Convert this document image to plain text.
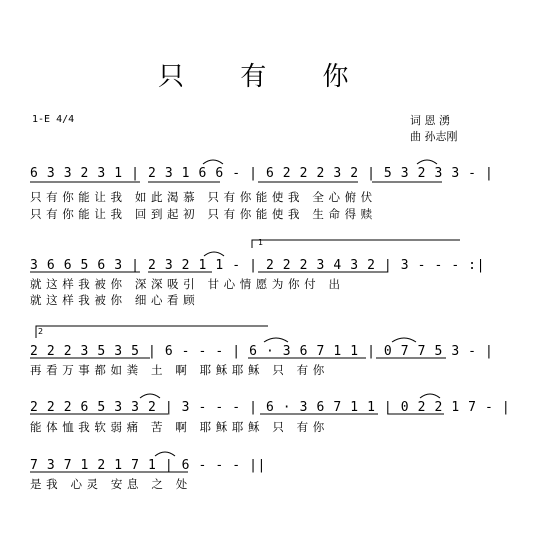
只 有 你
1-E 4/4	词 恩 湧
曲 孙志刚
6 3 3 2 3 1 | 2 3 1 6 6 - | 6 2 2 2 3 2 | 5 3 2 3 3 - |
只有你能让我 如此渴慕 只有你能使我 全心俯伏
只有你能让我 回到起初 只有你能使我 生命得赎
1
3 6 6 5 6 3 | 2 3 2 1 1 - | 2 2 2 3 4 3 2 | 3 - - - :|
就这样我被你 深深吸引 甘心情愿为你付 出
就这样我被你 细心看顾
2
2 2 2 3 5 3 5 | 6 - - - | 6 · 3 6 7 1 1 | 0 7 7 5 3 - |
再看万事都如粪 土 啊 耶稣耶稣 只 有你
2 2 2 6 5 3 3 2 | 3 - - - | 6 · 3 6 7 1 1 | 0 2 2 1 7 - |
能体恤我软弱痛 苦 啊 耶稣耶稣 只 有你
7 3 7 1 2 1 7 1 | 6 - - - ||
是我 心灵 安息 之 处
